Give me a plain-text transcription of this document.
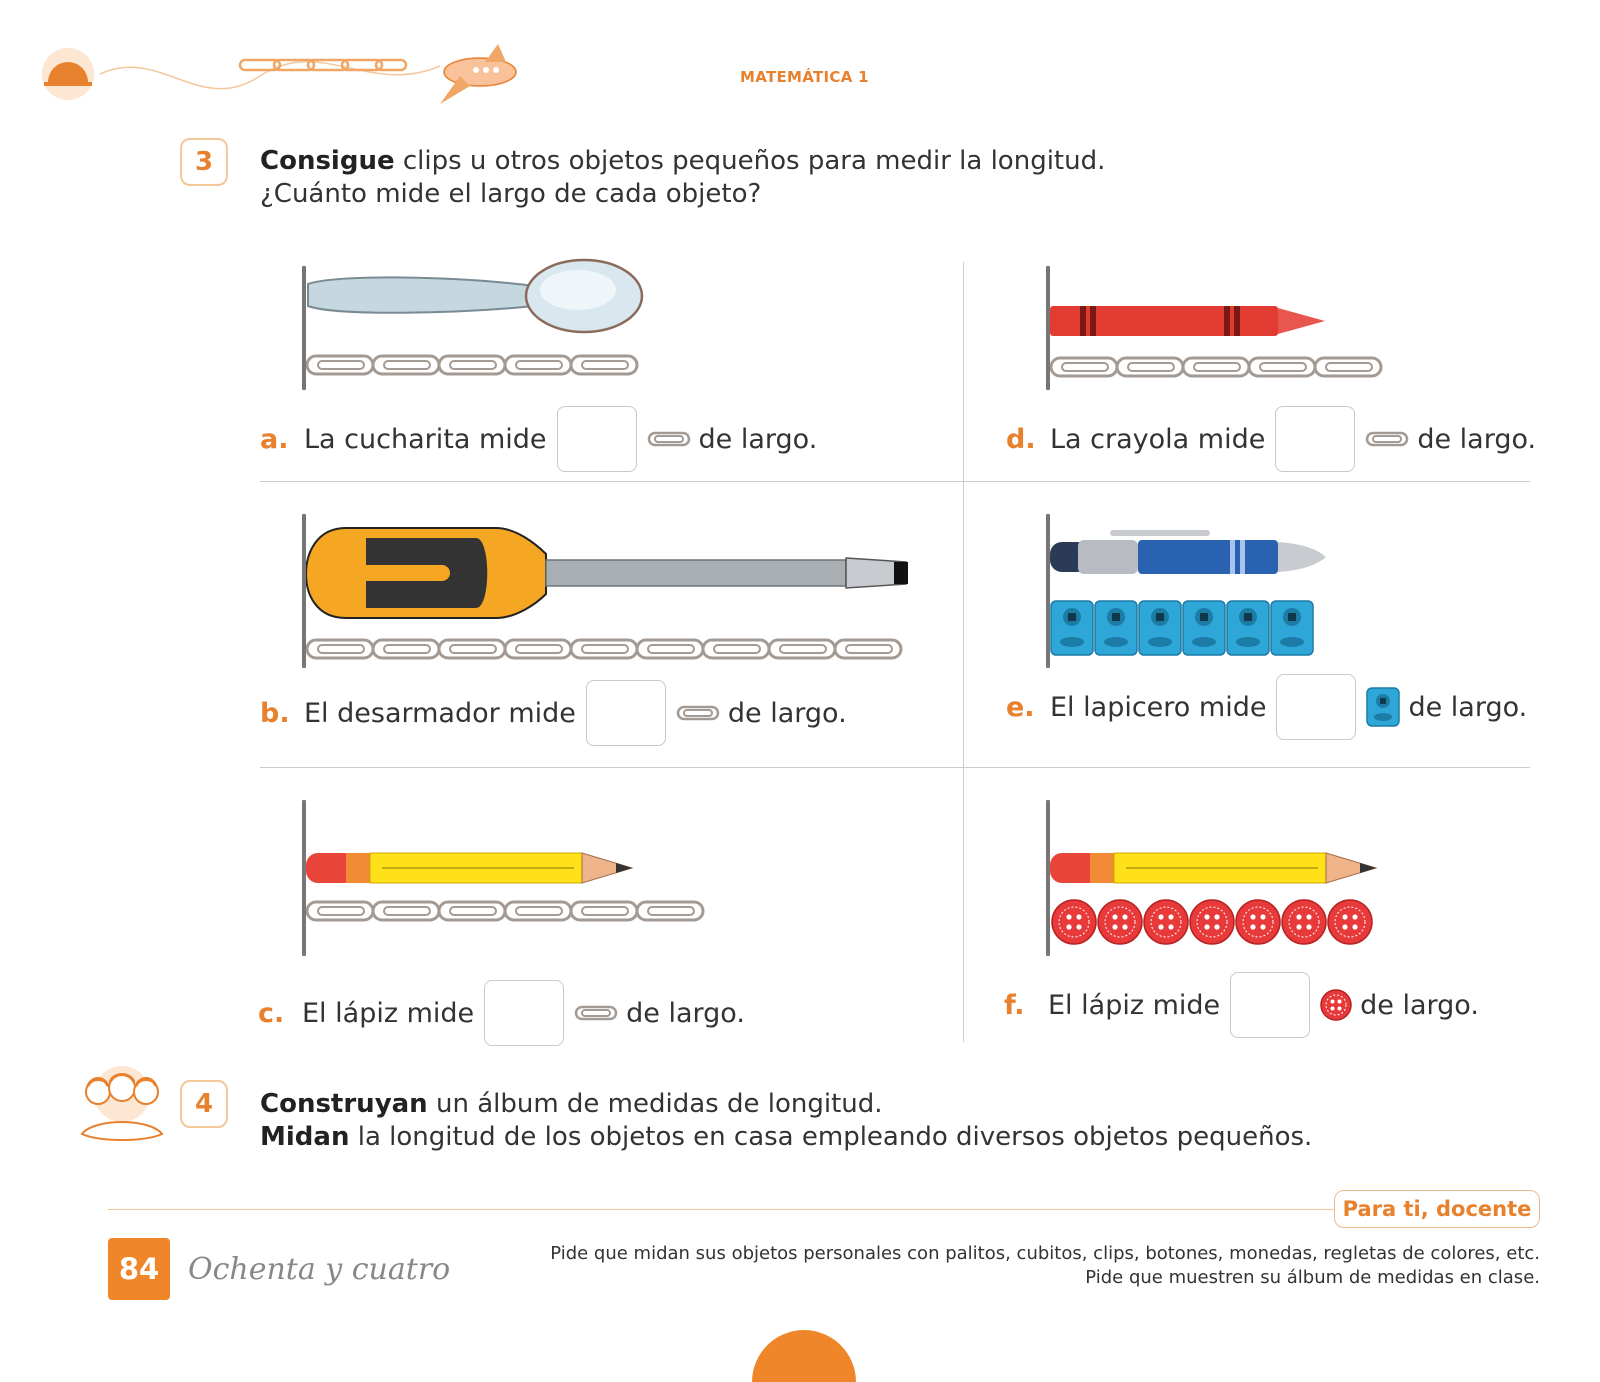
MATEMÁTICA 1
3	Consigue clips u otros objetos pequeños para medir la longitud.
¿Cuánto mide el largo de cada objeto?
a. La cucharita mide	de largo.	d. La crayola mide	de largo.
b. El desarmador mide	de largo.	e. El lapicero mide	de largo.
c. El lápiz mide	de largo.	f. El lápiz mide	de largo.
4	Construyan un álbum de medidas de longitud.
Midan la longitud de los objetos en casa empleando diversos objetos pequeños.
Para ti, docente
84 Ochenta y cuatro	Pide que midan sus objetos personales con palitos, cubitos, clips, botones, monedas, regletas de colores, etc.
Pide que muestren su álbum de medidas en clase.
